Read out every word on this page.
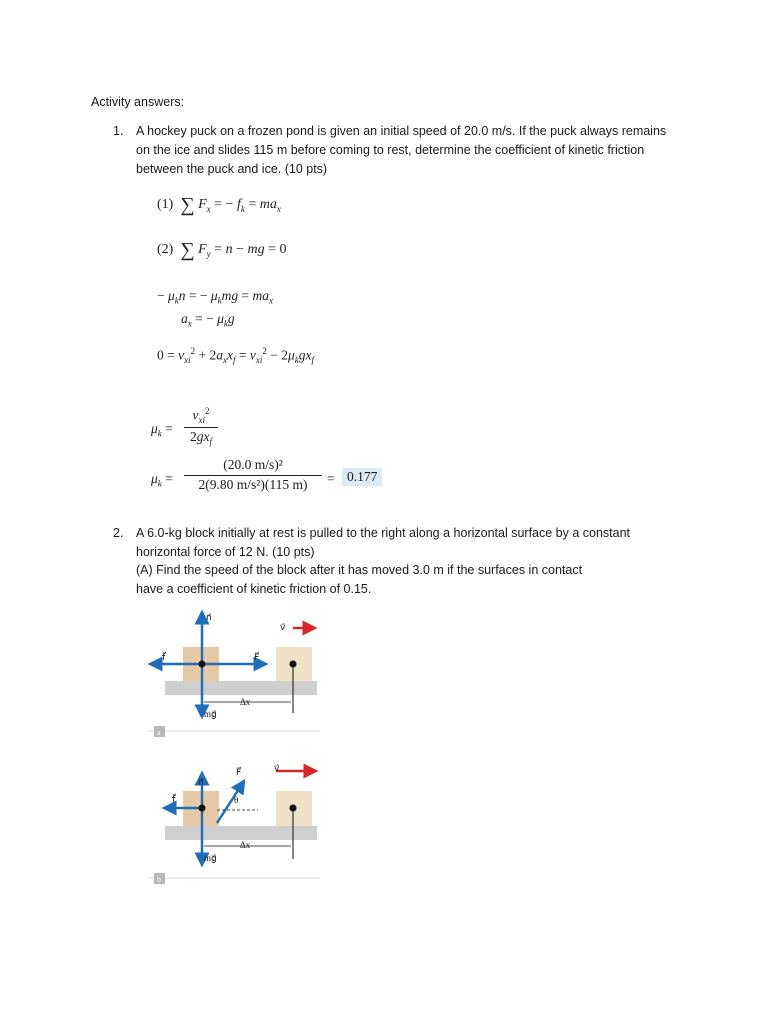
Activity answers:
1. A hockey puck on a frozen pond is given an initial speed of 20.0 m/s. If the puck always remains
on the ice and slides 115 m before coming to rest, determine the coefficient of kinetic friction
between the puck and ice. (10 pts)
(1) ∑ $F_x$ = − $f_k = ma_x$
(2) ∑ $F_y = n$ − mg = 0
− $\mu_kn$ = − $\mu_kmg = ma_x$
$a_x$ = − $\mu_kg$
$0 = v_{xi}^2 + 2a_xx_f = v_{xi}^2 - 2\mu_kgx_f$
$\mu_k$ =
$v_{xi}^2$
$2gx_f$
$\mu_k = \frac{\text{(20.0 m/s)²}}{\text{2(9.80 m/s²)(115 m)}} = 0.177$
2. A 6.0-kg block initially at rest is pulled to the right along a horizontal surface by a constant
horizontal force of 12 N. (10 pts)
(A) Find the speed of the block after it has moved 3.0 m if the surfaces in contact
have a coefficient of kinetic friction of 0.15.
n⃗
f⃗	F⃗
v⃗
mg⃗
Δx
a
n⃗
f⃗
F⃗	v⃗
θ
mg⃗
Δx
b
